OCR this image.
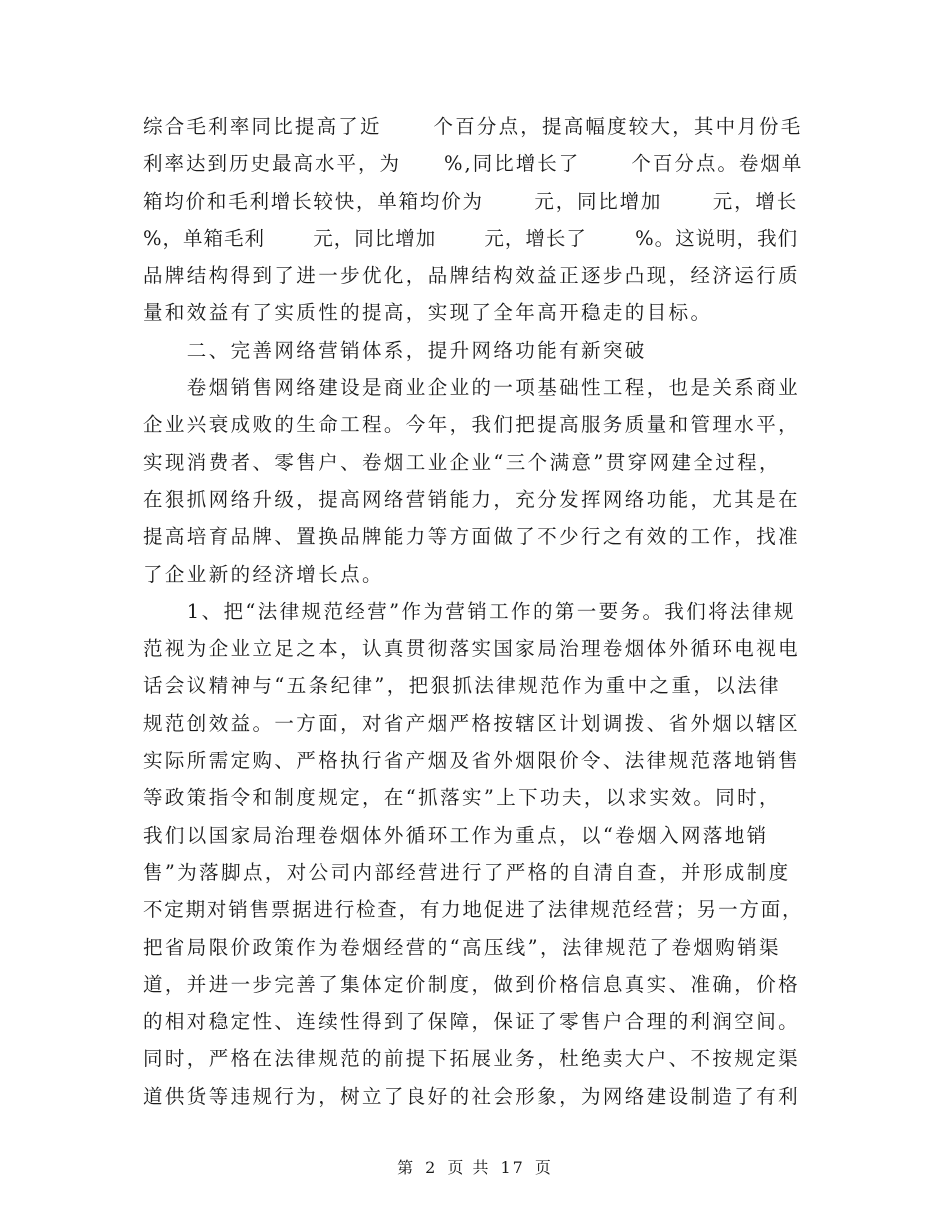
综合毛利率同比提高了近　　 个百分点，提高幅度较大，其中月份毛
利率达到历史最高水平，为　　%,同比增长了　　 个百分点。卷烟单
箱均价和毛利增长较快，单箱均价为　　 元，同比增加　　 元，增长
%，单箱毛利　　 元，同比增加　　 元，增长了　　 %。这说明，我们
品牌结构得到了进一步优化，品牌结构效益正逐步凸现，经济运行质
量和效益有了实质性的提高，实现了全年高开稳走的目标。
　　二、完善网络营销体系，提升网络功能有新突破
　　卷烟销售网络建设是商业企业的一项基础性工程，也是关系商业
企业兴衰成败的生命工程。今年，我们把提高服务质量和管理水平，
实现消费者、零售户、卷烟工业企业“三个满意”贯穿网建全过程，
在狠抓网络升级，提高网络营销能力，充分发挥网络功能，尤其是在
提高培育品牌、置换品牌能力等方面做了不少行之有效的工作，找准
了企业新的经济增长点。
　　1、把“法律规范经营”作为营销工作的第一要务。我们将法律规
范视为企业立足之本，认真贯彻落实国家局治理卷烟体外循环电视电
话会议精神与“五条纪律”，把狠抓法律规范作为重中之重，以法律
规范创效益。一方面，对省产烟严格按辖区计划调拨、省外烟以辖区
实际所需定购、严格执行省产烟及省外烟限价令、法律规范落地销售
等政策指令和制度规定，在“抓落实”上下功夫，以求实效。同时，
我们以国家局治理卷烟体外循环工作为重点，以“卷烟入网落地销
售”为落脚点，对公司内部经营进行了严格的自清自查，并形成制度
不定期对销售票据进行检查，有力地促进了法律规范经营；另一方面，
把省局限价政策作为卷烟经营的“高压线”，法律规范了卷烟购销渠
道，并进一步完善了集体定价制度，做到价格信息真实、准确，价格
的相对稳定性、连续性得到了保障，保证了零售户合理的利润空间。
同时，严格在法律规范的前提下拓展业务，杜绝卖大户、不按规定渠
道供货等违规行为，树立了良好的社会形象，为网络建设制造了有利
第 2 页 共 17 页
